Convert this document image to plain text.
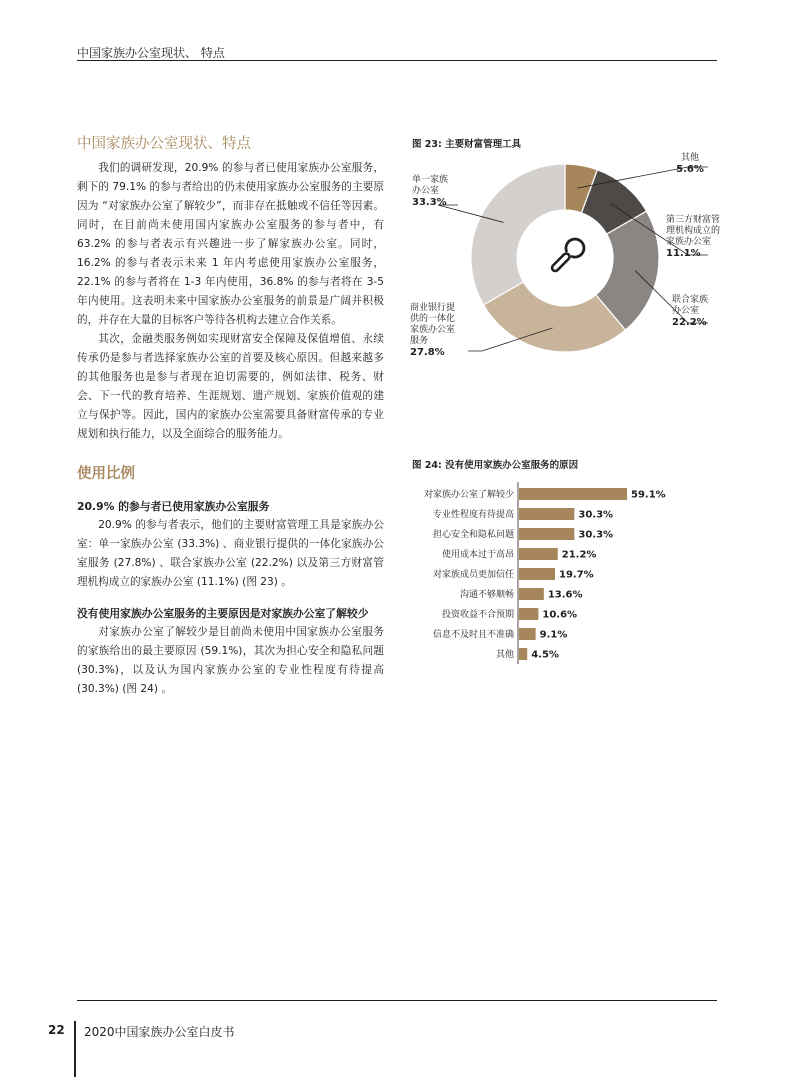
中国家族办公室现状、 特点
中国家族办公室现状、特点

我们的调研发现，20.9% 的参与者已使用家族办公室服务，剩下的 79.1% 的参与者给出的仍未使用家族办公室服务的主要原因为 “对家族办公室了解较少”，而非存在抵触或不信任等因素。同时，在目前尚未使用国内家族办公室服务的参与者中，有 63.2% 的参与者表示有兴趣进一步了解家族办公室。同时，16.2% 的参与者表示未来 1 年内考虑使用家族办公室服务，22.1% 的参与者将在 1-3 年内使用，36.8% 的参与者将在 3-5 年内使用。这表明未来中国家族办公室服务的前景是广阔并积极的，并存在大量的目标客户等待各机构去建立合作关系。

其次，金融类服务例如实现财富安全保障及保值增值、永续传承仍是参与者选择家族办公室的首要及核心原因。但越来越多的其他服务也是参与者现在迫切需要的，例如法律、税务、财会、下一代的教育培养、生涯规划、遗产规划、家族价值观的建立与保护等。因此，国内的家族办公室需要具备财富传承的专业规划和执行能力，以及全面综合的服务能力。

使用比例
20.9% 的参与者已使用家族办公室服务

20.9% 的参与者表示，他们的主要财富管理工具是家族办公室：单一家族办公室 (33.3%) 、商业银行提供的一体化家族办公室服务 (27.8%) 、联合家族办公室 (22.2%) 以及第三方财富管理机构成立的家族办公室 (11.1%) (图 23) 。

没有使用家族办公室服务的主要原因是对家族办公室了解较少

对家族办公室了解较少是目前尚未使用中国家族办公室服务的家族给出的最主要原因 (59.1%)，其次为担心安全和隐私问题 (30.3%)，以及认为国内家族办公室的专业性程度有待提高 (30.3%) (图 24) 。

图 23: 主要财富管理工具
其他
5.6%
第三方财富管
理机构成立的
家族办公室
11.1%
联合家族
办公室
22.2%
商业银行提
供的一体化
家族办公室
服务
27.8%
单一家族
办公室
33.3%
图 24: 没有使用家族办公室服务的原因
对家族办公室了解较少	59.1%
专业性程度有待提高	30.3%
担心安全和隐私问题	30.3%
使用成本过于高昂	21.2%
对家族成员更加信任	19.7%
沟通不够顺畅	13.6%
投资收益不合预期	10.6%
信息不及时且不准确	9.1%
其他 4.5%
22 2020中国家族办公室白皮书
